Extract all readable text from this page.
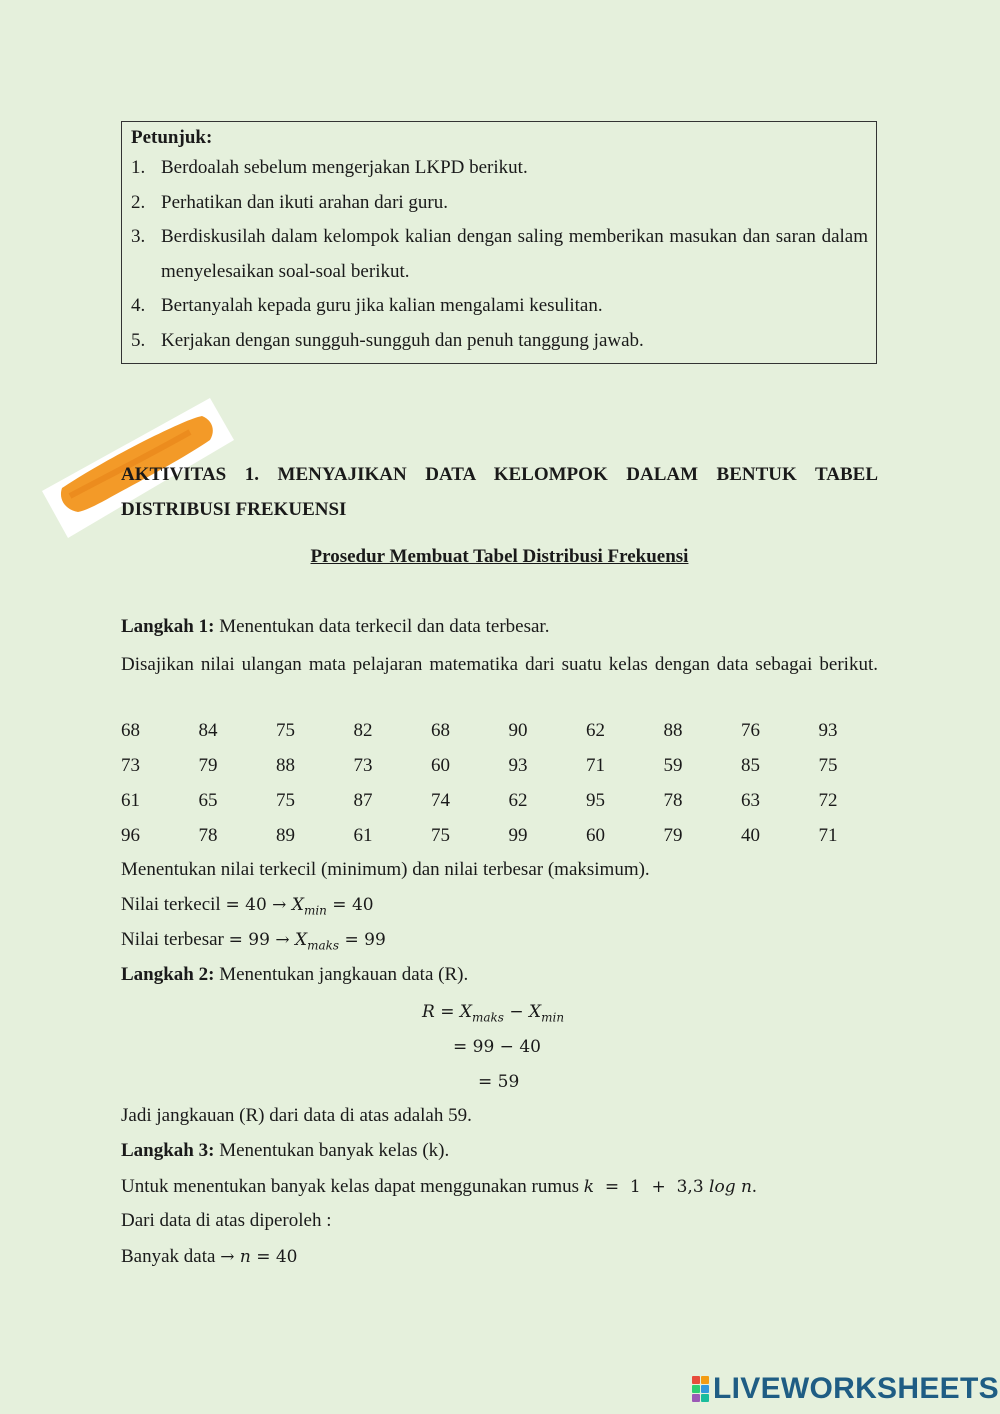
Petunjuk:
1. Berdoalah sebelum mengerjakan LKPD berikut.
2. Perhatikan dan ikuti arahan dari guru.
3. Berdiskusilah dalam kelompok kalian dengan saling memberikan masukan dan saran dalam menyelesaikan soal-soal berikut.
4. Bertanyalah kepada guru jika kalian mengalami kesulitan.
5. Kerjakan dengan sungguh-sungguh dan penuh tanggung jawab.
AKTIVITAS 1. MENYAJIKAN DATA KELOMPOK DALAM BENTUK TABEL
DISTRIBUSI FREKUENSI
Prosedur Membuat Tabel Distribusi Frekuensi
Langkah 1: Menentukan data terkecil dan data terbesar.
Disajikan nilai ulangan mata pelajaran matematika dari suatu kelas dengan data sebagai berikut.
68	84	75	82	68	90	62	88	76	93
73	79	88	73	60	93	71	59	85	75
61	65	75	87	74	62	95	78	63	72
96	78	89	61	75	99	60	79	40	71
Menentukan nilai terkecil (minimum) dan nilai terbesar (maksimum).
Nilai terkecil = $40 \to X_{min} = 40$
Nilai terbesar = $99 \to X_{maks} = 99$
Langkah 2: Menentukan jangkauan data (R).
$R = X_{maks} - X_{min}$
= 99 − 40
= 59
Jadi jangkauan (R) dari data di atas adalah 59.
Langkah 3: Menentukan banyak kelas (k).
Untuk menentukan banyak kelas dapat menggunakan rumus k  =  1  +  3,3 log n.
Dari data di atas diperoleh :
Banyak data → n = 40
LIVEWORKSHEETS
